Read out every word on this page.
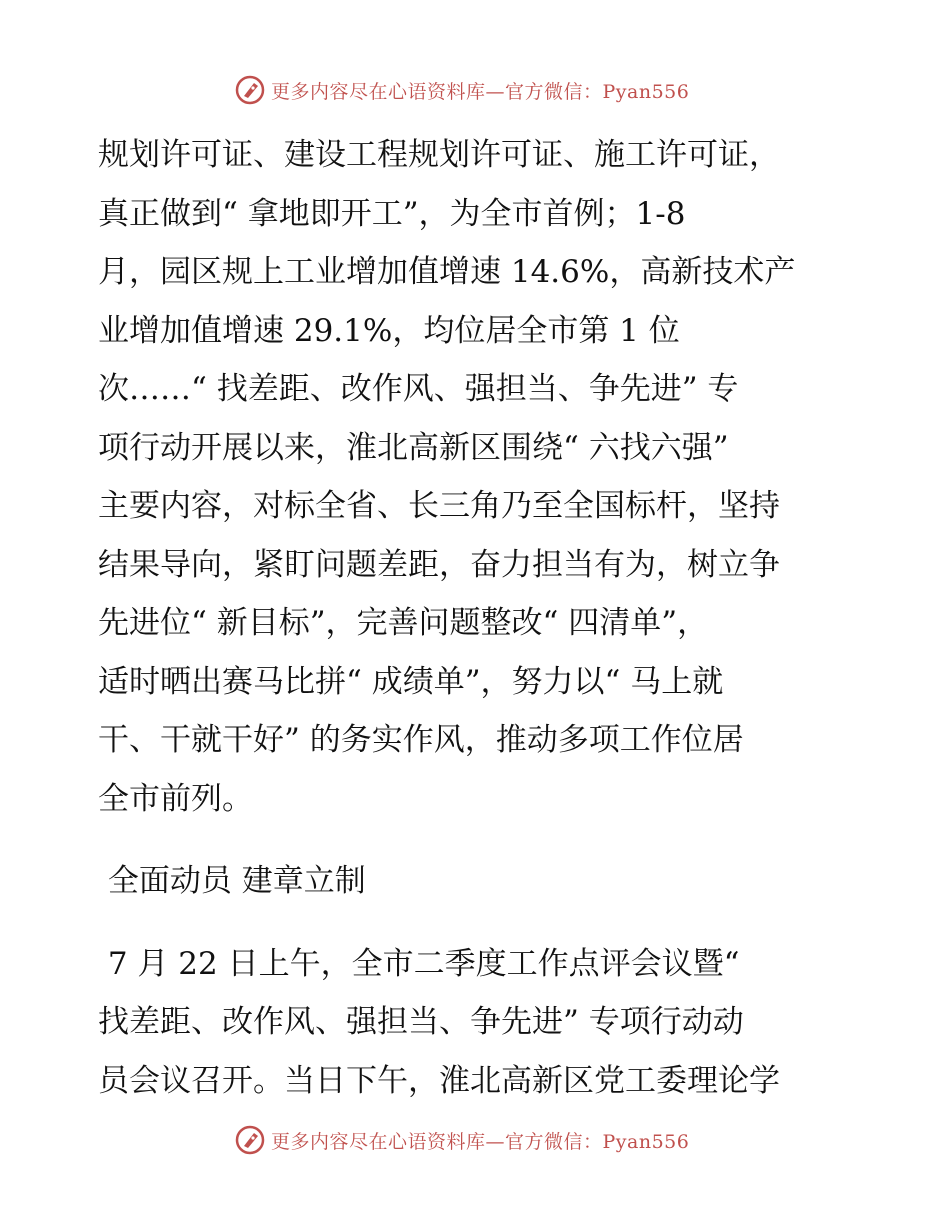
更多内容尽在心语资料库—官方微信：Pyan556
规划许可证、建设工程规划许可证、施工许可证，
真正做到“ 拿地即开工”，为全市首例；1-8
月，园区规上工业增加值增速 14.6%，高新技术产
业增加值增速 29.1%，均位居全市第 1 位
次……“ 找差距、改作风、强担当、争先进” 专
项行动开展以来，淮北高新区围绕“ 六找六强”
主要内容，对标全省、长三角乃至全国标杆，坚持
结果导向，紧盯问题差距，奋力担当有为，树立争
先进位“ 新目标”，完善问题整改“ 四清单”，
适时晒出赛马比拼“ 成绩单”，努力以“ 马上就
干、干就干好” 的务实作风，推动多项工作位居
全市前列。
全面动员 建章立制
7 月 22 日上午，全市二季度工作点评会议暨“
找差距、改作风、强担当、争先进” 专项行动动
员会议召开。当日下午，淮北高新区党工委理论学
更多内容尽在心语资料库—官方微信：Pyan556
